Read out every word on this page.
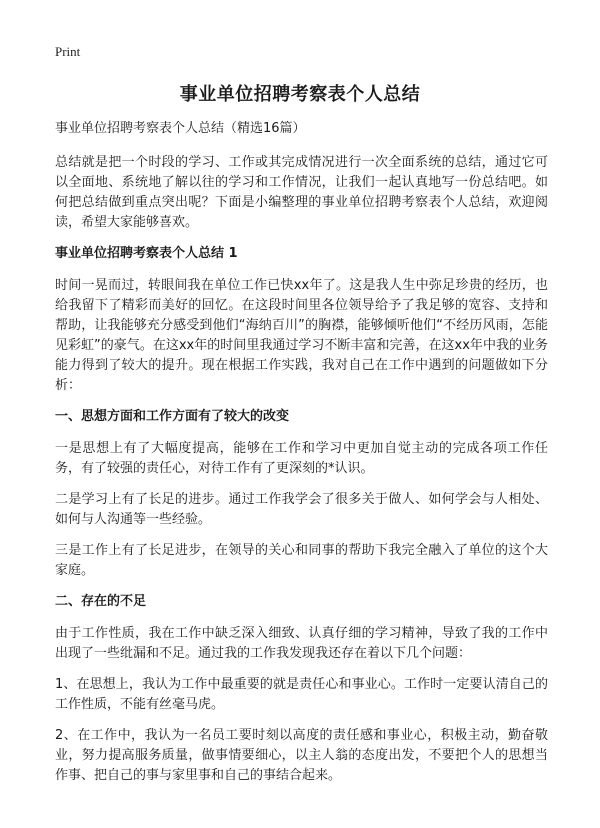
Print
事业单位招聘考察表个人总结

事业单位招聘考察表个人总结（精选16篇）

总结就是把一个时段的学习、工作或其完成情况进行一次全面系统的总结，通过它可以全面地、系统地了解以往的学习和工作情况，让我们一起认真地写一份总结吧。如何把总结做到重点突出呢？下面是小编整理的事业单位招聘考察表个人总结，欢迎阅读，希望大家能够喜欢。

事业单位招聘考察表个人总结 1

时间一晃而过，转眼间我在单位工作已快xx年了。这是我人生中弥足珍贵的经历，也给我留下了精彩而美好的回忆。在这段时间里各位领导给予了我足够的宽容、支持和帮助，让我能够充分感受到他们“海纳百川”的胸襟，能够倾听他们“不经历风雨，怎能见彩虹”的豪气。在这xx年的时间里我通过学习不断丰富和完善，在这xx年中我的业务能力得到了较大的提升。现在根据工作实践，我对自己在工作中遇到的问题做如下分析：

一、思想方面和工作方面有了较大的改变

一是思想上有了大幅度提高，能够在工作和学习中更加自觉主动的完成各项工作任务，有了较强的责任心，对待工作有了更深刻的*认识。

二是学习上有了长足的进步。通过工作我学会了很多关于做人、如何学会与人相处、如何与人沟通等一些经验。

三是工作上有了长足进步，在领导的关心和同事的帮助下我完全融入了单位的这个大家庭。

二、存在的不足

由于工作性质，我在工作中缺乏深入细致、认真仔细的学习精神，导致了我的工作中出现了一些纰漏和不足。通过我的工作我发现我还存在着以下几个问题：

1、在思想上，我认为工作中最重要的就是责任心和事业心。工作时一定要认清自己的工作性质，不能有丝毫马虎。

2、在工作中，我认为一名员工要时刻以高度的责任感和事业心，积极主动，勤奋敬业，努力提高服务质量，做事情要细心，以主人翁的态度出发，不要把个人的思想当作事、把自己的事与家里事和自己的事结合起来。
